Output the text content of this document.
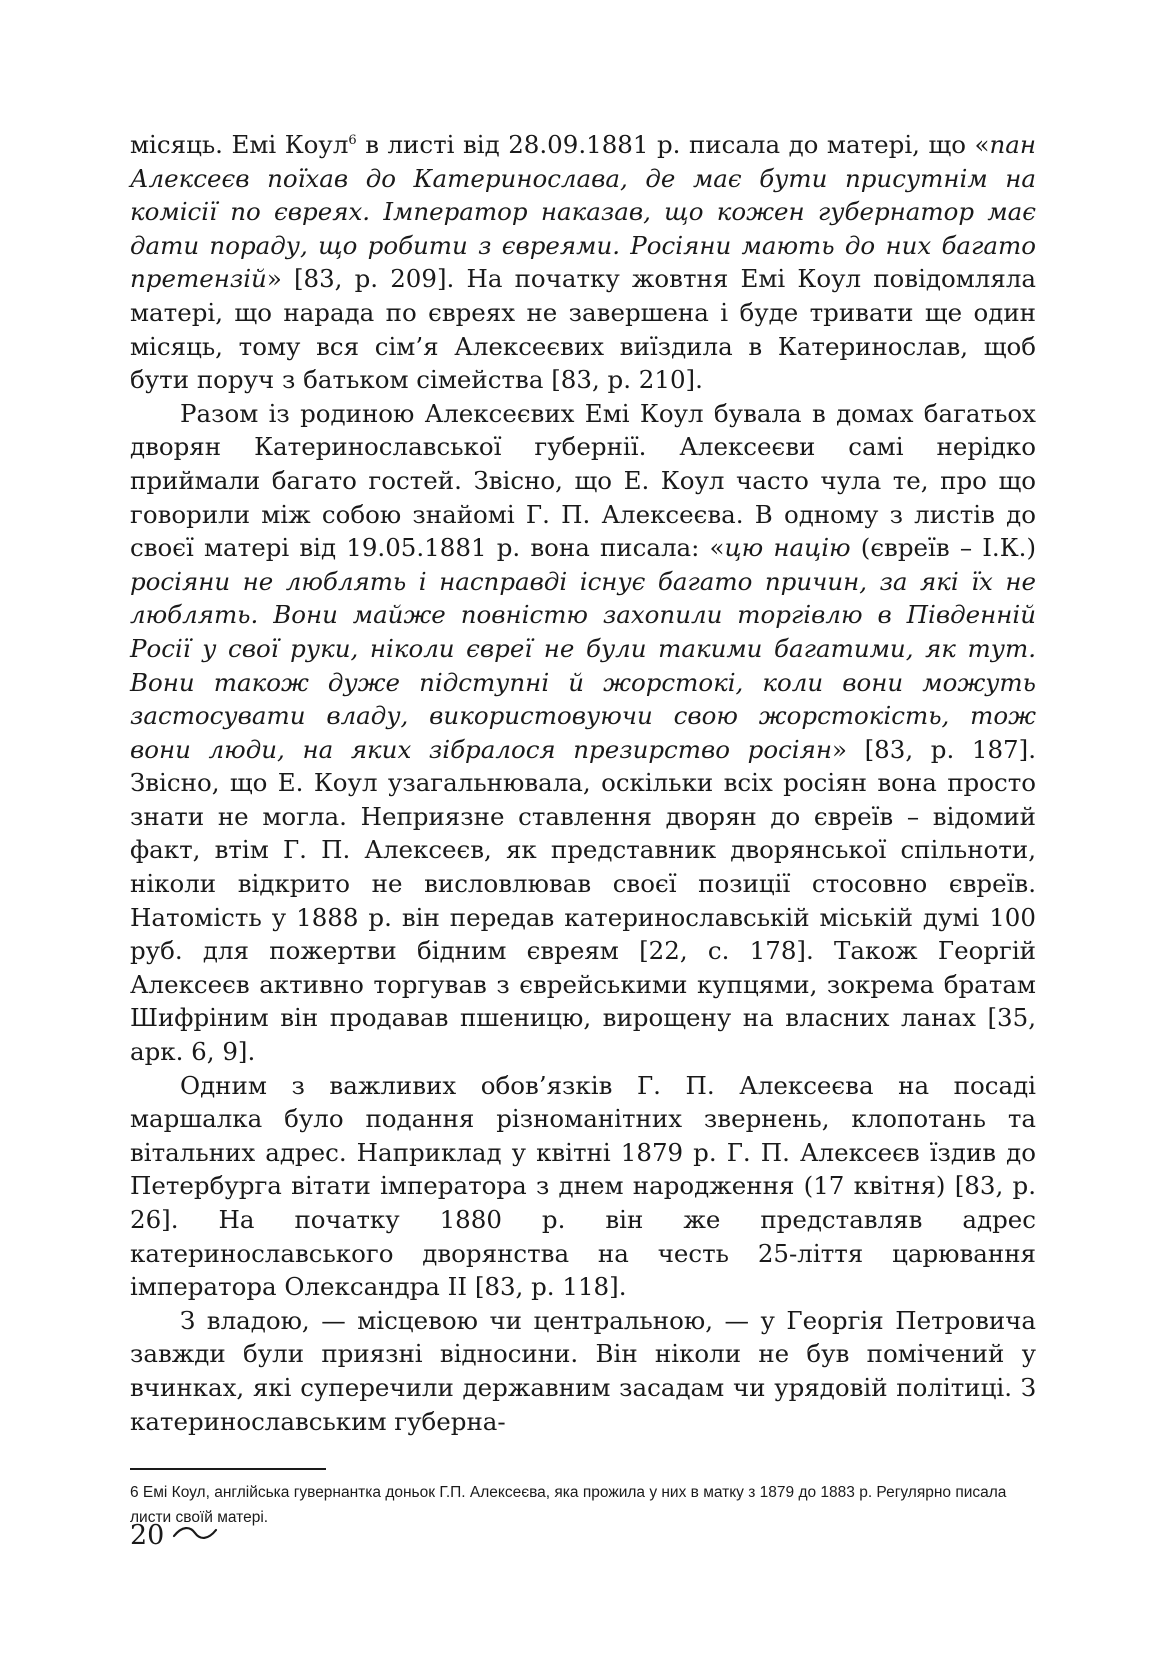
місяць. Емі Коул$^6$ в листі від 28.09.1881 р. писала до матері, що «пан Алексеєв поїхав до Катеринослава, де має бути присутнім на комісії по євреях. Імператор наказав, що кожен губернатор має дати пораду, що робити з євреями. Росіяни мають до них багато претензій» [83, р. 209]. На початку жовтня Емі Коул повідомляла матері, що нарада по євреях не завершена і буде тривати ще один місяць, тому вся сім’я Алексеєвих виїздила в Катеринослав, щоб бути поруч з батьком сімейства [83, р. 210].

Разом із родиною Алексеєвих Емі Коул бувала в домах багатьох дворян Катеринославської губернії. Алексеєви самі нерідко приймали багато гостей. Звісно, що Е. Коул часто чула те, про що говорили між собою знайомі Г. П. Алексеєва. В одному з листів до своєї матері від 19.05.1881 р. вона писала: «цю націю (євреїв – І.К.) росіяни не люблять і насправді існує багато причин, за які їх не люблять. Вони майже повністю захопили торгівлю в Південній Росії у свої руки, ніколи євреї не були такими багатими, як тут. Вони також дуже підступні й жорстокі, коли вони можуть застосувати владу, використовуючи свою жорстокість, тож вони люди, на яких зібралося презирство росіян» [83, р. 187]. Звісно, що Е. Коул узагальнювала, оскільки всіх росіян вона просто знати не могла. Неприязне ставлення дворян до євреїв – відомий факт, втім Г. П. Алексеєв, як представник дворянської спільноти, ніколи відкрито не висловлював своєї позиції стосовно євреїв. Натомість у 1888 р. він передав катеринославській міській думі 100 руб. для пожертви бідним євреям [22, с. 178]. Також Георгій Алексеєв активно торгував з єврейськими купцями, зокрема братам Шифріним він продавав пшеницю, вирощену на власних ланах [35, арк. 6, 9].

Одним з важливих обов’язків Г. П. Алексеєва на посаді маршалка було подання різноманітних звернень, клопотань та вітальних адрес. Наприклад у квітні 1879 р. Г. П. Алексеєв їздив до Петербурга вітати імператора з днем народження (17 квітня) [83, р. 26]. На початку 1880 р. він же представляв адрес катеринославського дворянства на честь 25-ліття царювання імператора Олександра II [83, р. 118].

З владою, — місцевою чи центральною, — у Георгія Петровича завжди були приязні відносини. Він ніколи не був помічений у вчинках, які суперечили державним засадам чи урядовій політиці. З катеринославським губерна-

6 Емі Коул, англійська гувернантка доньок Г.П. Алексеєва, яка прожила у них в матку з 1879 до 1883 р. Регулярно писала листи своїй матері.

20
